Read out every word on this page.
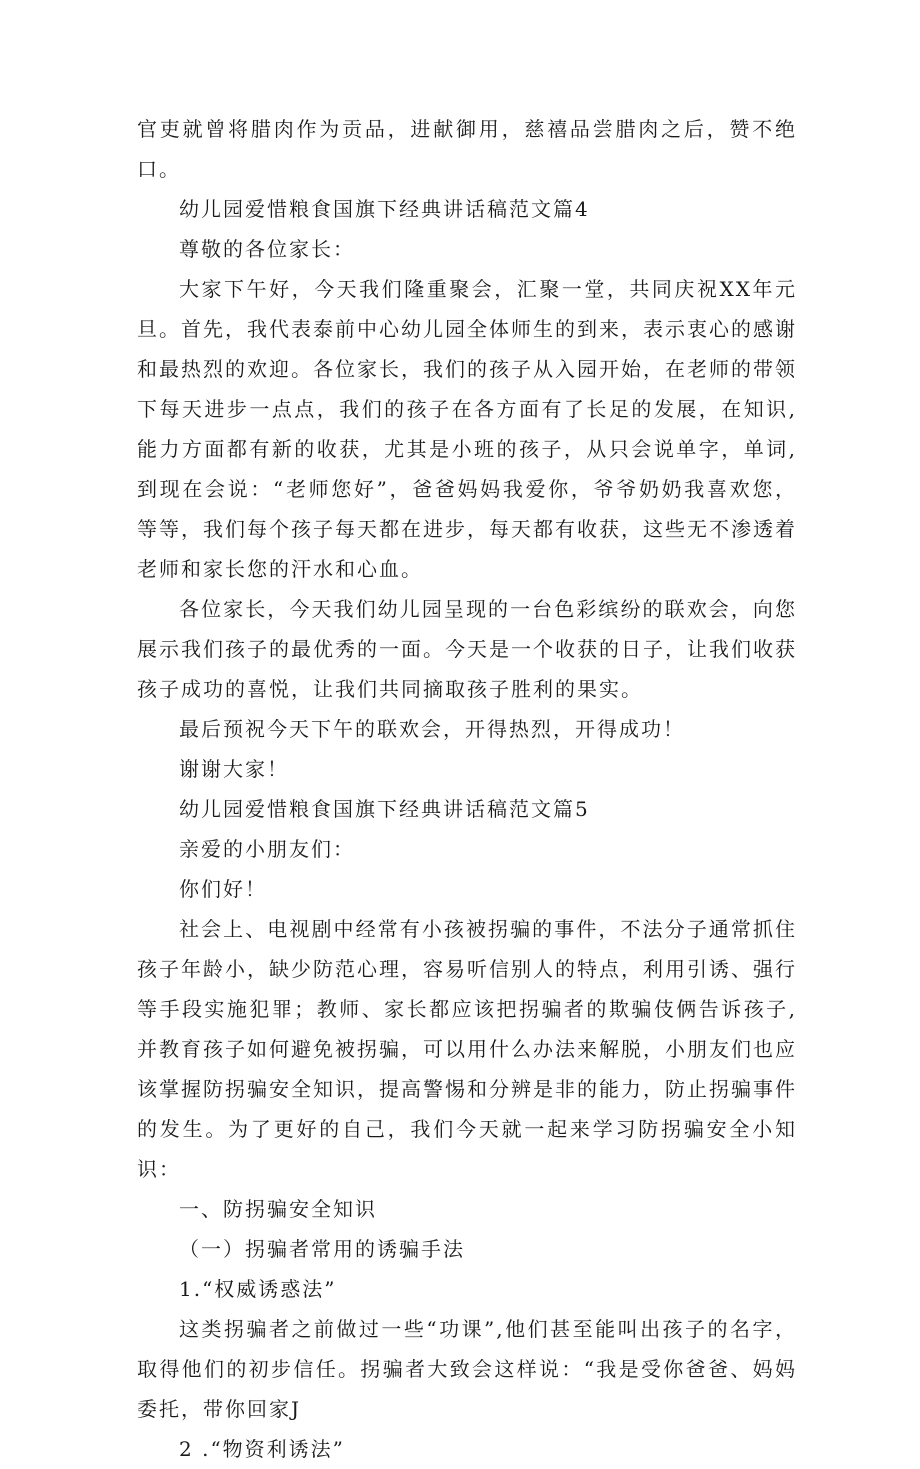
官吏就曾将腊肉作为贡品，进献御用，慈禧品尝腊肉之后，赞不绝口。

幼儿园爱惜粮食国旗下经典讲话稿范文篇4

尊敬的各位家长：

大家下午好，今天我们隆重聚会，汇聚一堂，共同庆祝XX年元旦。首先，我代表泰前中心幼儿园全体师生的到来，表示衷心的感谢和最热烈的欢迎。各位家长，我们的孩子从入园开始，在老师的带领下每天进步一点点，我们的孩子在各方面有了长足的发展，在知识,能力方面都有新的收获，尤其是小班的孩子，从只会说单字，单词,到现在会说：“老师您好”，爸爸妈妈我爱你，爷爷奶奶我喜欢您，等等，我们每个孩子每天都在进步，每天都有收获，这些无不渗透着老师和家长您的汗水和心血。

各位家长，今天我们幼儿园呈现的一台色彩缤纷的联欢会，向您展示我们孩子的最优秀的一面。今天是一个收获的日子，让我们收获孩子成功的喜悦，让我们共同摘取孩子胜利的果实。

最后预祝今天下午的联欢会，开得热烈，开得成功！

谢谢大家！

幼儿园爱惜粮食国旗下经典讲话稿范文篇5

亲爱的小朋友们：

你们好！

社会上、电视剧中经常有小孩被拐骗的事件，不法分子通常抓住孩子年龄小，缺少防范心理，容易听信别人的特点，利用引诱、强行等手段实施犯罪；教师、家长都应该把拐骗者的欺骗伎俩告诉孩子,并教育孩子如何避免被拐骗，可以用什么办法来解脱，小朋友们也应该掌握防拐骗安全知识，提高警惕和分辨是非的能力，防止拐骗事件的发生。为了更好的自己，我们今天就一起来学习防拐骗安全小知识：

一、防拐骗安全知识

（一）拐骗者常用的诱骗手法

1.“权威诱惑法”

这类拐骗者之前做过一些“功课”,他们甚至能叫出孩子的名字，取得他们的初步信任。拐骗者大致会这样说：“我是受你爸爸、妈妈委托，带你回家J

2 .“物资利诱法”
